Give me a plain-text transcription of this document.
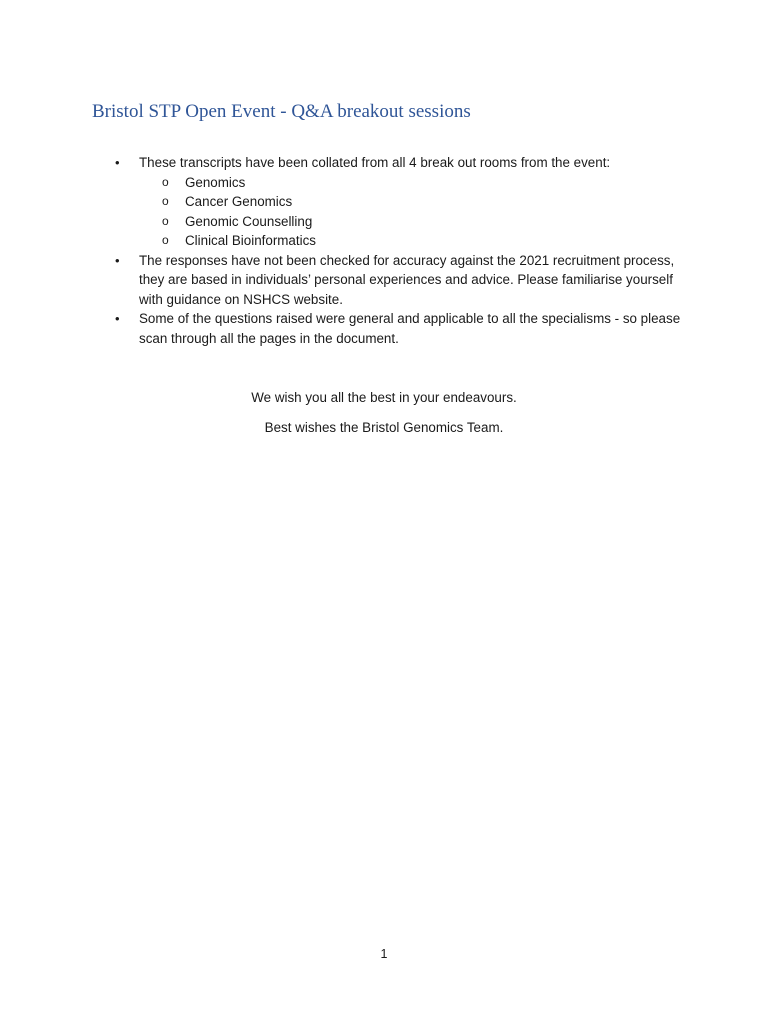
Bristol STP Open Event - Q&A breakout sessions
• These transcripts have been collated from all 4 break out rooms from the event:
o Genomics
o Cancer Genomics
o Genomic Counselling
o Clinical Bioinformatics
• The responses have not been checked for accuracy against the 2021 recruitment process, they are based in individuals’ personal experiences and advice. Please familiarise yourself with guidance on NSHCS website.
• Some of the questions raised were general and applicable to all the specialisms - so please scan through all the pages in the document.
We wish you all the best in your endeavours.
Best wishes the Bristol Genomics Team.
1
